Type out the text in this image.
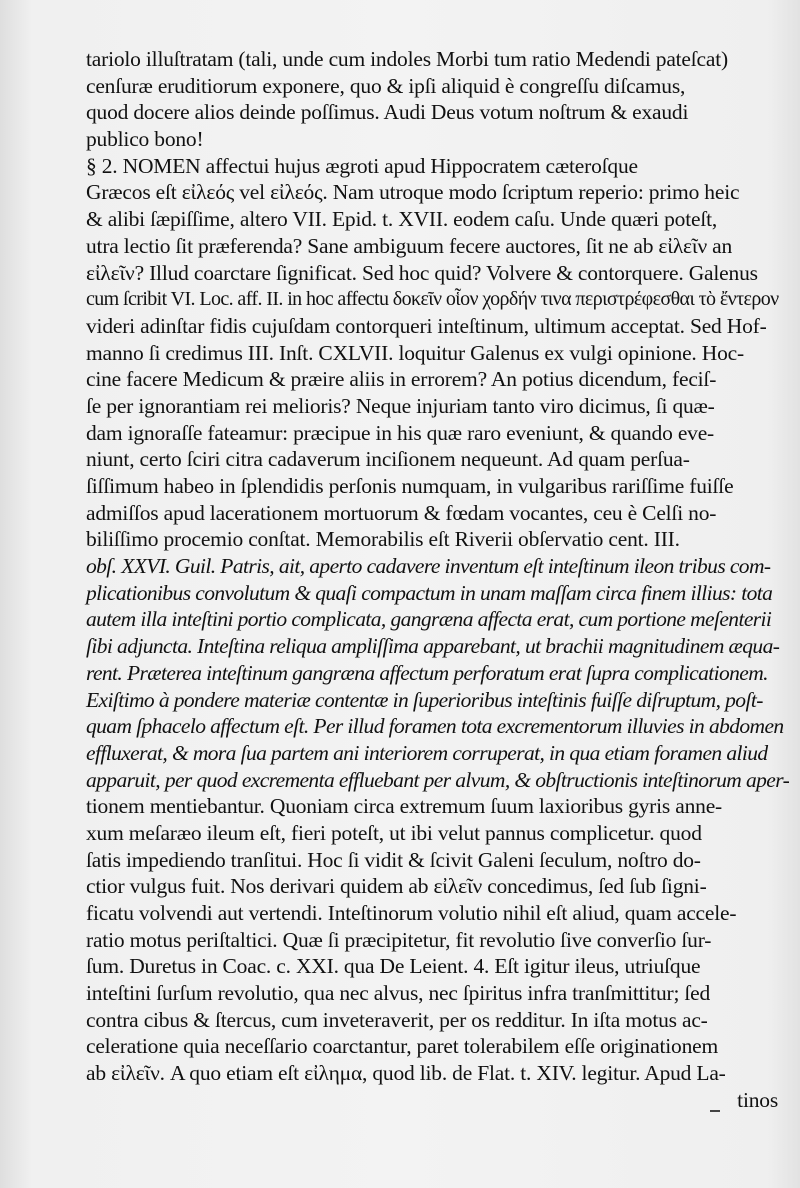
tariolo illuſtratam (tali, unde cum indoles Morbi tum ratio Medendi pateſcat)
cenſuræ eruditiorum exponere, quo & ipſi aliquid è congreſſu diſcamus,
quod docere alios deinde poſſimus. Audi Deus votum noſtrum & exaudi
publico bono!
§ 2. NOMEN affectui hujus ægroti apud Hippocratem cæteroſque
Græcos eſt εἰλεός vel εἰλεός. Nam utroque modo ſcriptum reperio: primo heic
& alibi ſæpiſſime, altero VII. Epid. t. XVII. eodem caſu. Unde quæri poteſt,
utra lectio ſit præferenda? Sane ambiguum fecere auctores, ſit ne ab εἰλεῖν an
εἰλεῖν? Illud coarctare ſignificat. Sed hoc quid? Volvere & contorquere. Galenus
cum ſcribit VI. Loc. aff. II. in hoc affectu δοκεῖν οἷον χορδήν τινα περιστρέφεσθαι τὸ ἔντερον
videri adinſtar fidis cujuſdam contorqueri inteſtinum, ultimum acceptat. Sed Hof-
manno ſi credimus III. Inſt. CXLVII. loquitur Galenus ex vulgi opinione. Hoc-
cine facere Medicum & præire aliis in errorem? An potius dicendum, feciſ-
ſe per ignorantiam rei melioris? Neque injuriam tanto viro dicimus, ſi quæ-
dam ignoraſſe fateamur: præcipue in his quæ raro eveniunt, & quando eve-
niunt, certo ſciri citra cadaverum inciſionem nequeunt. Ad quam perſua-
ſiſſimum habeo in ſplendidis perſonis numquam, in vulgaribus rariſſime fuiſſe
admiſſos apud lacerationem mortuorum & fœdam vocantes, ceu è Celſi no-
biliſſimo procemio conſtat. Memorabilis eſt Riverii obſervatio cent. III.
obſ. XXVI. Guil. Patris, ait, aperto cadavere inventum eſt inteſtinum ileon tribus com-
plicationibus convolutum & quaſi compactum in unam maſſam circa finem illius: tota
autem illa inteſtini portio complicata, gangræna affecta erat, cum portione meſenterii
ſibi adjuncta. Inteſtina reliqua ampliſſima apparebant, ut brachii magnitudinem æqua-
rent. Præterea inteſtinum gangræna affectum perforatum erat ſupra complicationem.
Exiſtimo à pondere materiæ contentæ in ſuperioribus inteſtinis fuiſſe diſruptum, poſt-
quam ſphacelo affectum eſt. Per illud foramen tota excrementorum illuvies in abdomen
effluxerat, & mora ſua partem ani interiorem corruperat, in qua etiam foramen aliud
apparuit, per quod excrementa effluebant per alvum, & obſtructionis inteſtinorum aper-
tionem mentiebantur. Quoniam circa extremum ſuum laxioribus gyris anne-
xum meſaræo ileum eſt, fieri poteſt, ut ibi velut pannus complicetur. quod
ſatis impediendo tranſitui. Hoc ſi vidit & ſcivit Galeni ſeculum, noſtro do-
ctior vulgus fuit. Nos derivari quidem ab εἰλεῖν concedimus, ſed ſub ſigni-
ficatu volvendi aut vertendi. Inteſtinorum volutio nihil eſt aliud, quam accele-
ratio motus periſtaltici. Quæ ſi præcipitetur, fit revolutio ſive converſio ſur-
ſum. Duretus in Coac. c. XXI. qua De Leient. 4. Eſt igitur ileus, utriuſque
inteſtini ſurſum revolutio, qua nec alvus, nec ſpiritus infra tranſmittitur; ſed
contra cibus & ſtercus, cum inveteraverit, per os redditur. In iſta motus ac-
celeratione quia neceſſario coarctantur, paret tolerabilem eſſe originationem
ab εἰλεῖν. A quo etiam eſt εἰλημα, quod lib. de Flat. t. XIV. legitur. Apud La-
tinos
